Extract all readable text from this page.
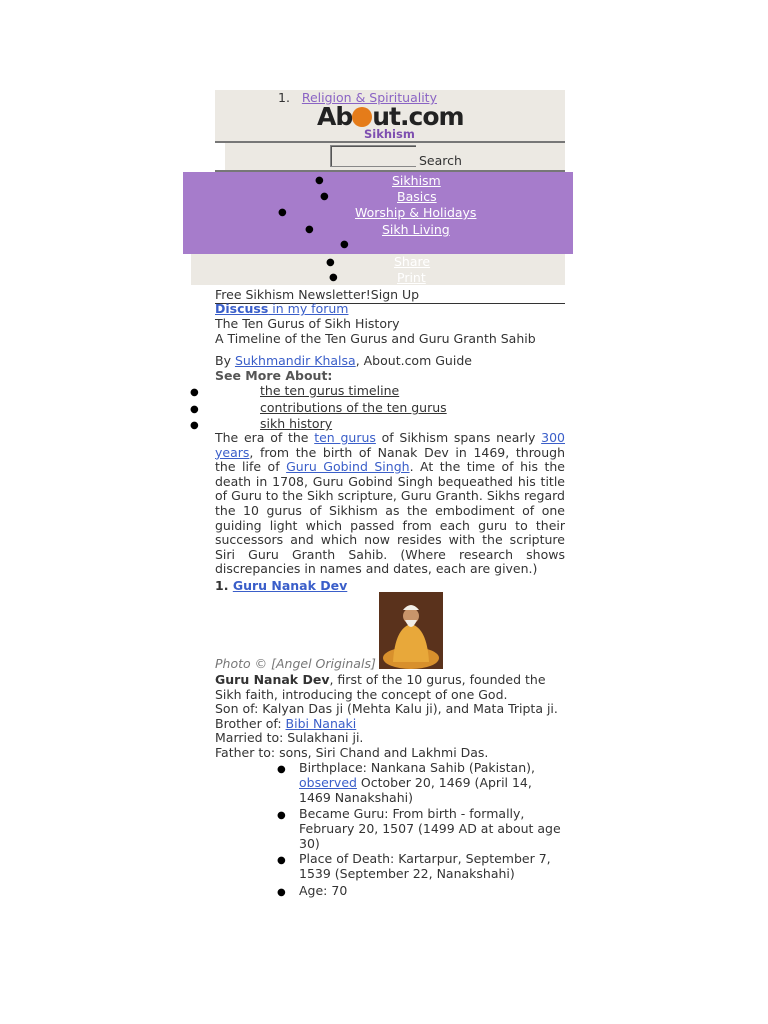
1. Religion & Spirituality
Ab ut.com
Sikhism
Search
●	Sikhism
●	Basics
●	Worship & Holidays
●	Sikh Living
●
●	Share
●	Print
Free Sikhism Newsletter!Sign Up
Discuss in my forum
The Ten Gurus of Sikh History
A Timeline of the Ten Gurus and Guru Granth Sahib
By Sukhmandir Khalsa, About.com Guide
See More About:
●	the ten gurus timeline
●	contributions of the ten gurus
●	sikh history
The era of the ten gurus of Sikhism spans nearly 300 years, from the birth of Nanak Dev in 1469, through the life of Guru Gobind Singh. At the time of his the death in 1708, Guru Gobind Singh bequeathed his title of Guru to the Sikh scripture, Guru Granth. Sikhs regard the 10 gurus of Sikhism as the embodiment of one guiding light which passed from each guru to their successors and which now resides with the scripture Siri Guru Granth Sahib. (Where research shows discrepancies in names and dates, each are given.)
1. Guru Nanak Dev
Photo © [Angel Originals]
Guru Nanak Dev, first of the 10 gurus, founded the Sikh faith, introducing the concept of one God.
Son of: Kalyan Das ji (Mehta Kalu ji), and Mata Tripta ji.
Brother of: Bibi Nanaki
Married to: Sulakhani ji.
Father to: sons, Siri Chand and Lakhmi Das.
● Birthplace: Nankana Sahib (Pakistan), observed October 20, 1469 (April 14, 1469 Nanakshahi)
● Became Guru: From birth - formally, February 20, 1507 (1499 AD at about age 30)
● Place of Death: Kartarpur, September 7, 1539 (September 22, Nanakshahi)
● Age: 70
